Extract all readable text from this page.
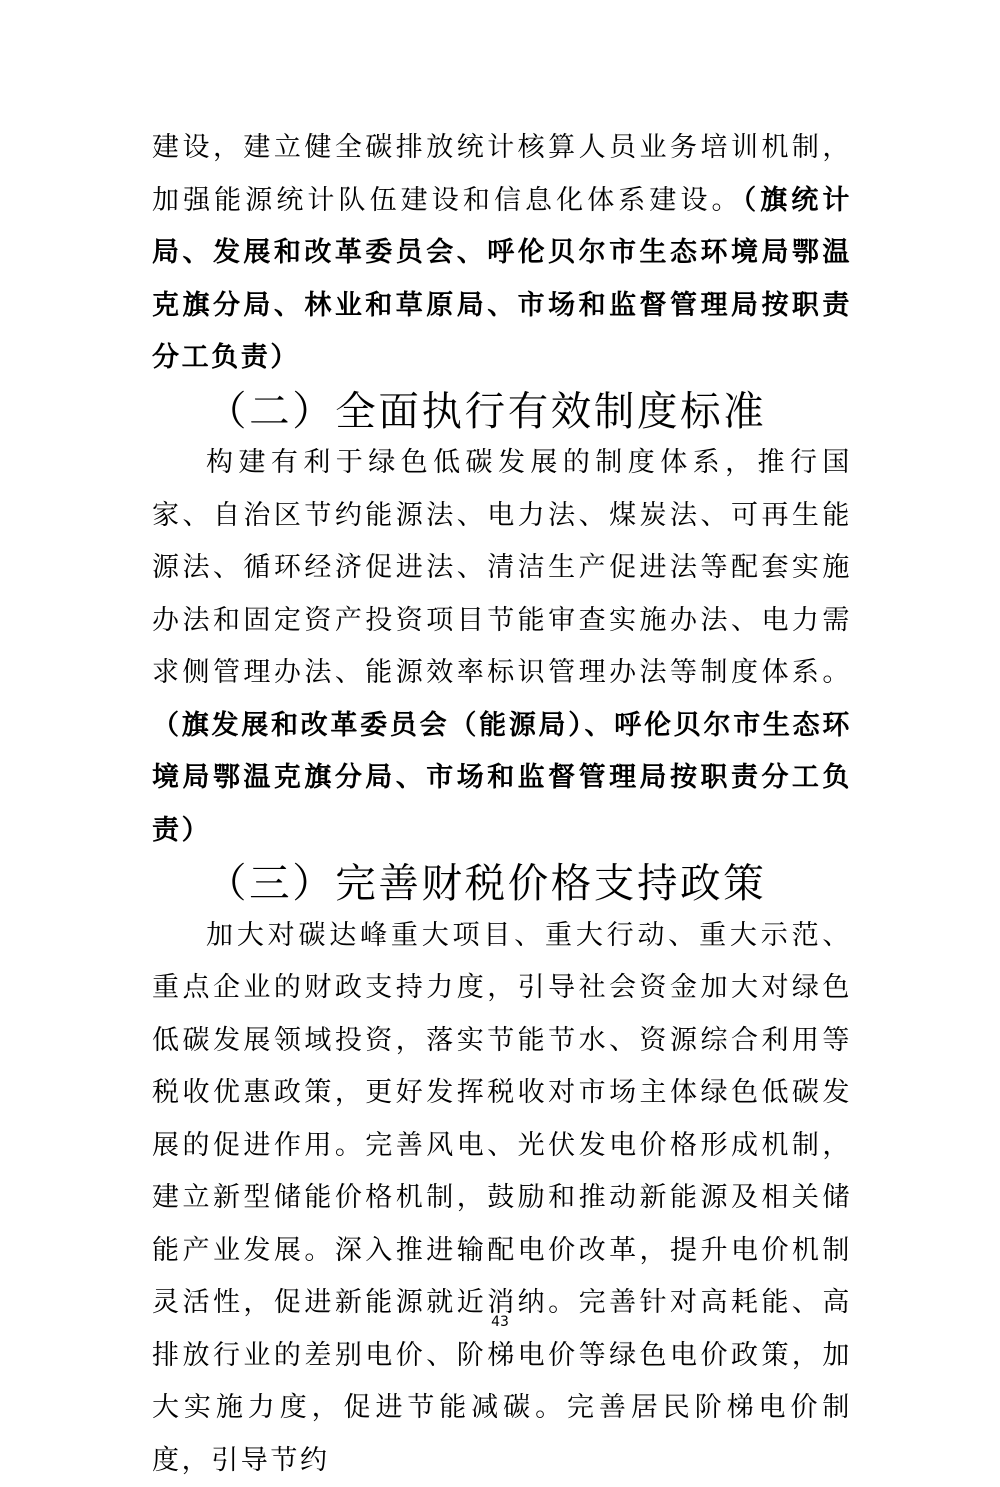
建设，建立健全碳排放统计核算人员业务培训机制，加强能源统计队伍建设和信息化体系建设。（旗统计局、发展和改革委员会、呼伦贝尔市生态环境局鄂温克旗分局、林业和草原局、市场和监督管理局按职责分工负责）

（二）全面执行有效制度标准

构建有利于绿色低碳发展的制度体系，推行国家、自治区节约能源法、电力法、煤炭法、可再生能源法、循环经济促进法、清洁生产促进法等配套实施办法和固定资产投资项目节能审查实施办法、电力需求侧管理办法、能源效率标识管理办法等制度体系。（旗发展和改革委员会（能源局）、呼伦贝尔市生态环境局鄂温克旗分局、市场和监督管理局按职责分工负责）

（三）完善财税价格支持政策

加大对碳达峰重大项目、重大行动、重大示范、重点企业的财政支持力度，引导社会资金加大对绿色低碳发展领域投资，落实节能节水、资源综合利用等税收优惠政策，更好发挥税收对市场主体绿色低碳发展的促进作用。完善风电、光伏发电价格形成机制，建立新型储能价格机制，鼓励和推动新能源及相关储能产业发展。深入推进输配电价改革，提升电价机制灵活性，促进新能源就近消纳。完善针对高耗能、高排放行业的差别电价、阶梯电价等绿色电价政策，加大实施力度，促进节能减碳。完善居民阶梯电价制度，引导节约

43
